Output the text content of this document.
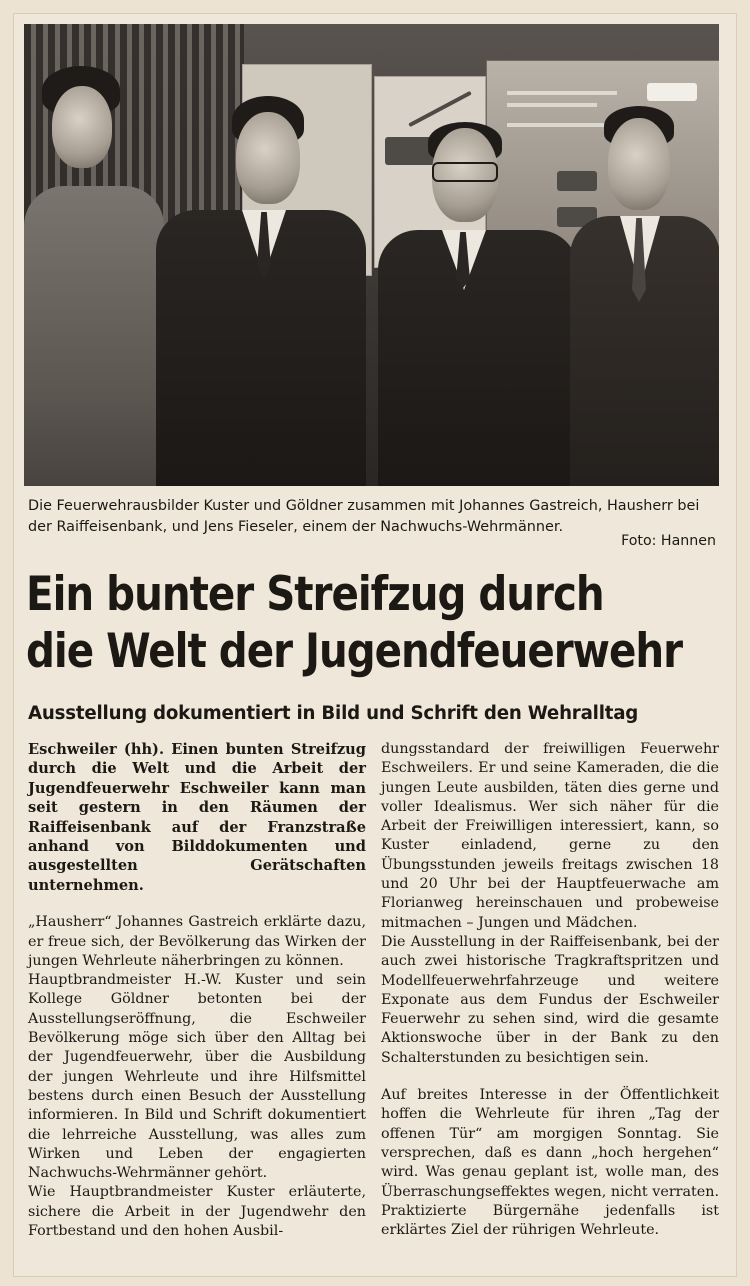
Die Feuerwehrausbilder Kuster und Göldner zusammen mit Johannes Gastreich, Hausherr bei der Raiffeisenbank, und Jens Fieseler, einem der Nachwuchs-Wehrmänner.
Foto: Hannen
Ein bunter Streifzug durch
die Welt der Jugendfeuerwehr
Ausstellung dokumentiert in Bild und Schrift den Wehralltag

Eschweiler (hh). Einen bunten Streifzug durch die Welt und die Arbeit der Jugendfeuerwehr Eschweiler kann man seit gestern in den Räumen der Raiffeisenbank auf der Franzstraße anhand von Bilddokumenten und ausgestellten Gerätschaften unternehmen.

„Hausherr“ Johannes Gastreich erklärte dazu, er freue sich, der Bevölkerung das Wirken der jungen Wehrleute näherbringen zu können.

Hauptbrandmeister H.-W. Kuster und sein Kollege Göldner betonten bei der Ausstellungseröffnung, die Eschweiler Bevölkerung möge sich über den Alltag bei der Jugendfeuerwehr, über die Ausbildung der jungen Wehrleute und ihre Hilfsmittel bestens durch einen Besuch der Ausstellung informieren. In Bild und Schrift dokumentiert die lehrreiche Ausstellung, was alles zum Wirken und Leben der engagierten Nachwuchs-Wehrmänner gehört.

Wie Hauptbrandmeister Kuster erläuterte, sichere die Arbeit in der Jugendwehr den Fortbestand und den hohen Ausbil-

dungsstandard der freiwilligen Feuerwehr Eschweilers. Er und seine Kameraden, die die jungen Leute ausbilden, täten dies gerne und voller Idealismus. Wer sich näher für die Arbeit der Freiwilligen interessiert, kann, so Kuster einladend, gerne zu den Übungsstunden jeweils freitags zwischen 18 und 20 Uhr bei der Hauptfeuerwache am Florianweg hereinschauen und probeweise mitmachen – Jungen und Mädchen.

Die Ausstellung in der Raiffeisenbank, bei der auch zwei historische Tragkraftspritzen und Modellfeuerwehrfahrzeuge und weitere Exponate aus dem Fundus der Eschweiler Feuerwehr zu sehen sind, wird die gesamte Aktionswoche über in der Bank zu den Schalterstunden zu besichtigen sein.

Auf breites Interesse in der Öffentlichkeit hoffen die Wehrleute für ihren „Tag der offenen Tür“ am morgigen Sonntag. Sie versprechen, daß es dann „hoch hergehen“ wird. Was genau geplant ist, wolle man, des Überraschungseffektes wegen, nicht verraten. Praktizierte Bürgernähe jedenfalls ist erklärtes Ziel der rührigen Wehrleute.
